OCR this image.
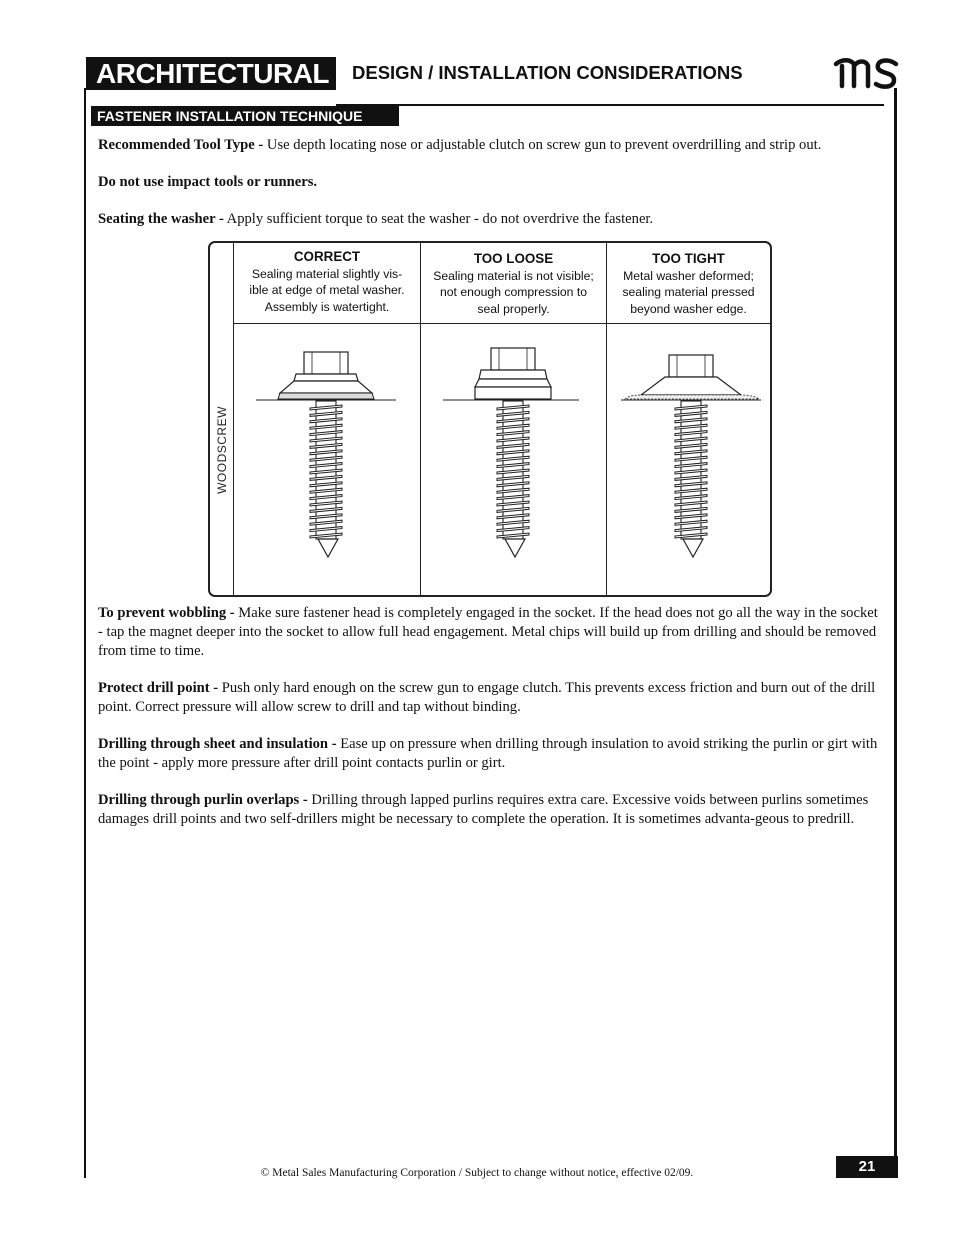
ARCHITECTURAL	DESIGN / INSTALLATION CONSIDERATIONS
FASTENER INSTALLATION TECHNIQUE
Recommended Tool Type - Use depth locating nose or adjustable clutch on screw gun to prevent overdrilling and strip out.
Do not use impact tools or runners.
Seating the washer - Apply sufficient torque to seat the washer - do not overdrive the fastener.
WOODSCREW
CORRECT
Sealing material slightly vis-
ible at edge of metal washer.
Assembly is watertight.
TOO LOOSE
Sealing material is not visible;
not enough compression to
seal properly.
TOO TIGHT
Metal washer deformed;
sealing material pressed
beyond washer edge.
To prevent wobbling - Make sure fastener head is completely engaged in the socket. If the head does not go all the way in the socket - tap the magnet deeper into the socket to allow full head engagement. Metal chips will build up from drilling and should be removed from time to time.
Protect drill point - Push only hard enough on the screw gun to engage clutch. This prevents excess friction and burn out of the drill point. Correct pressure will allow screw to drill and tap without binding.
Drilling through sheet and insulation - Ease up on pressure when drilling through insulation to avoid striking the purlin or girt with the point - apply more pressure after drill point contacts purlin or girt.
Drilling through purlin overlaps - Drilling through lapped purlins requires extra care. Excessive voids between purlins sometimes damages drill points and two self-drillers might be necessary to complete the operation. It is sometimes advanta-geous to predrill.
© Metal Sales Manufacturing Corporation / Subject to change without notice, effective 02/09.	21
